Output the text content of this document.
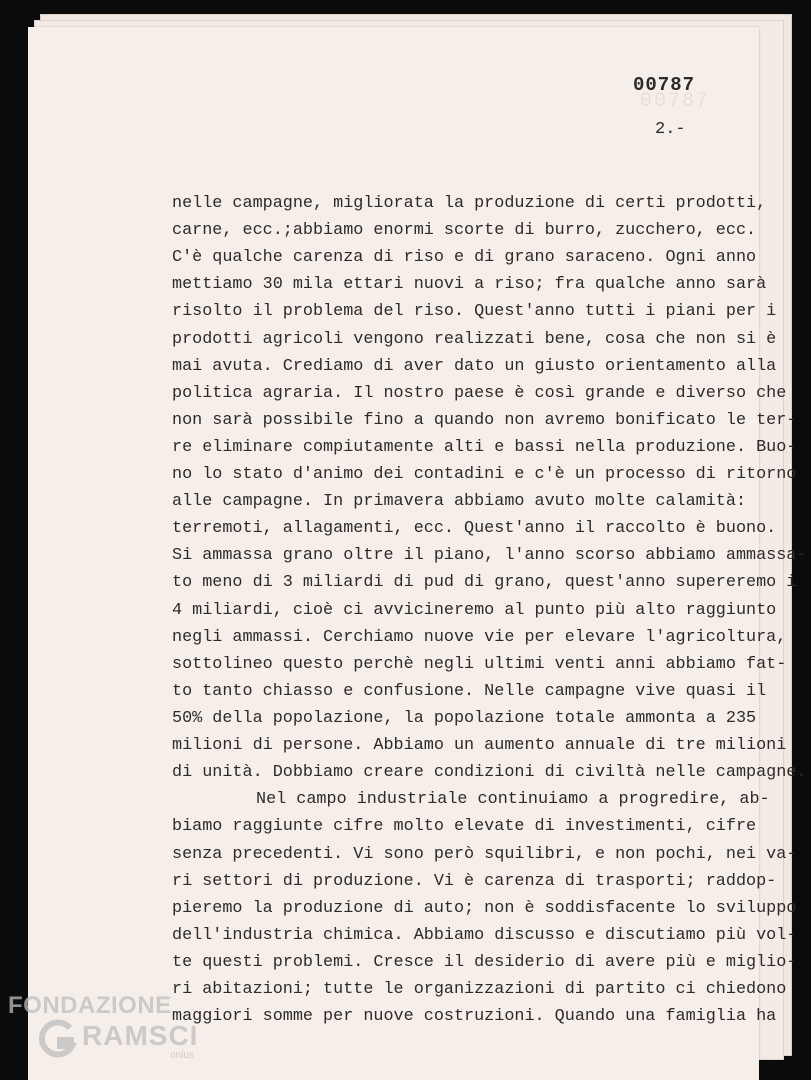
00787
00787
2.-
nelle campagne, migliorata la produzione di certi prodotti,
carne, ecc.;abbiamo enormi scorte di burro, zucchero, ecc.
C'è qualche carenza di riso e di grano saraceno. Ogni anno
mettiamo 30 mila ettari nuovi a riso; fra qualche anno sarà
risolto il problema del riso. Quest'anno tutti i piani per i
prodotti agricoli vengono realizzati bene, cosa che non si è
mai avuta. Crediamo di aver dato un giusto orientamento alla
politica agraria. Il nostro paese è così grande e diverso che
non sarà possibile fino a quando non avremo bonificato le ter-
re eliminare compiutamente alti e bassi nella produzione. Buo-
no lo stato d'animo dei contadini e c'è un processo di ritorno
alle campagne. In primavera abbiamo avuto molte calamità:
terremoti, allagamenti, ecc. Quest'anno il raccolto è buono.
Si ammassa grano oltre il piano, l'anno scorso abbiamo ammassa-
to meno di 3 miliardi di pud di grano, quest'anno supereremo i
4 miliardi, cioè ci avvicineremo al punto più alto raggiunto
negli ammassi. Cerchiamo nuove vie per elevare l'agricoltura,
sottolineo questo perchè negli ultimi venti anni abbiamo fat-
to tanto chiasso e confusione. Nelle campagne vive quasi il
50% della popolazione, la popolazione totale ammonta a 235
milioni di persone. Abbiamo un aumento annuale di tre milioni
di unità. Dobbiamo creare condizioni di civiltà nelle campagne.
Nel campo industriale continuiamo a progredire, ab-
biamo raggiunte cifre molto elevate di investimenti, cifre
senza precedenti. Vi sono però squilibri, e non pochi, nei va-
ri settori di produzione. Vi è carenza di trasporti; raddop-
pieremo la produzione di auto; non è soddisfacente lo sviluppo
dell'industria chimica. Abbiamo discusso e discutiamo più vol-
te questi problemi. Cresce il desiderio di avere più e miglio-
ri abitazioni; tutte le organizzazioni di partito ci chiedono
maggiori somme per nuove costruzioni. Quando una famiglia ha
FONDAZIONE
RAMSCI
onlus
